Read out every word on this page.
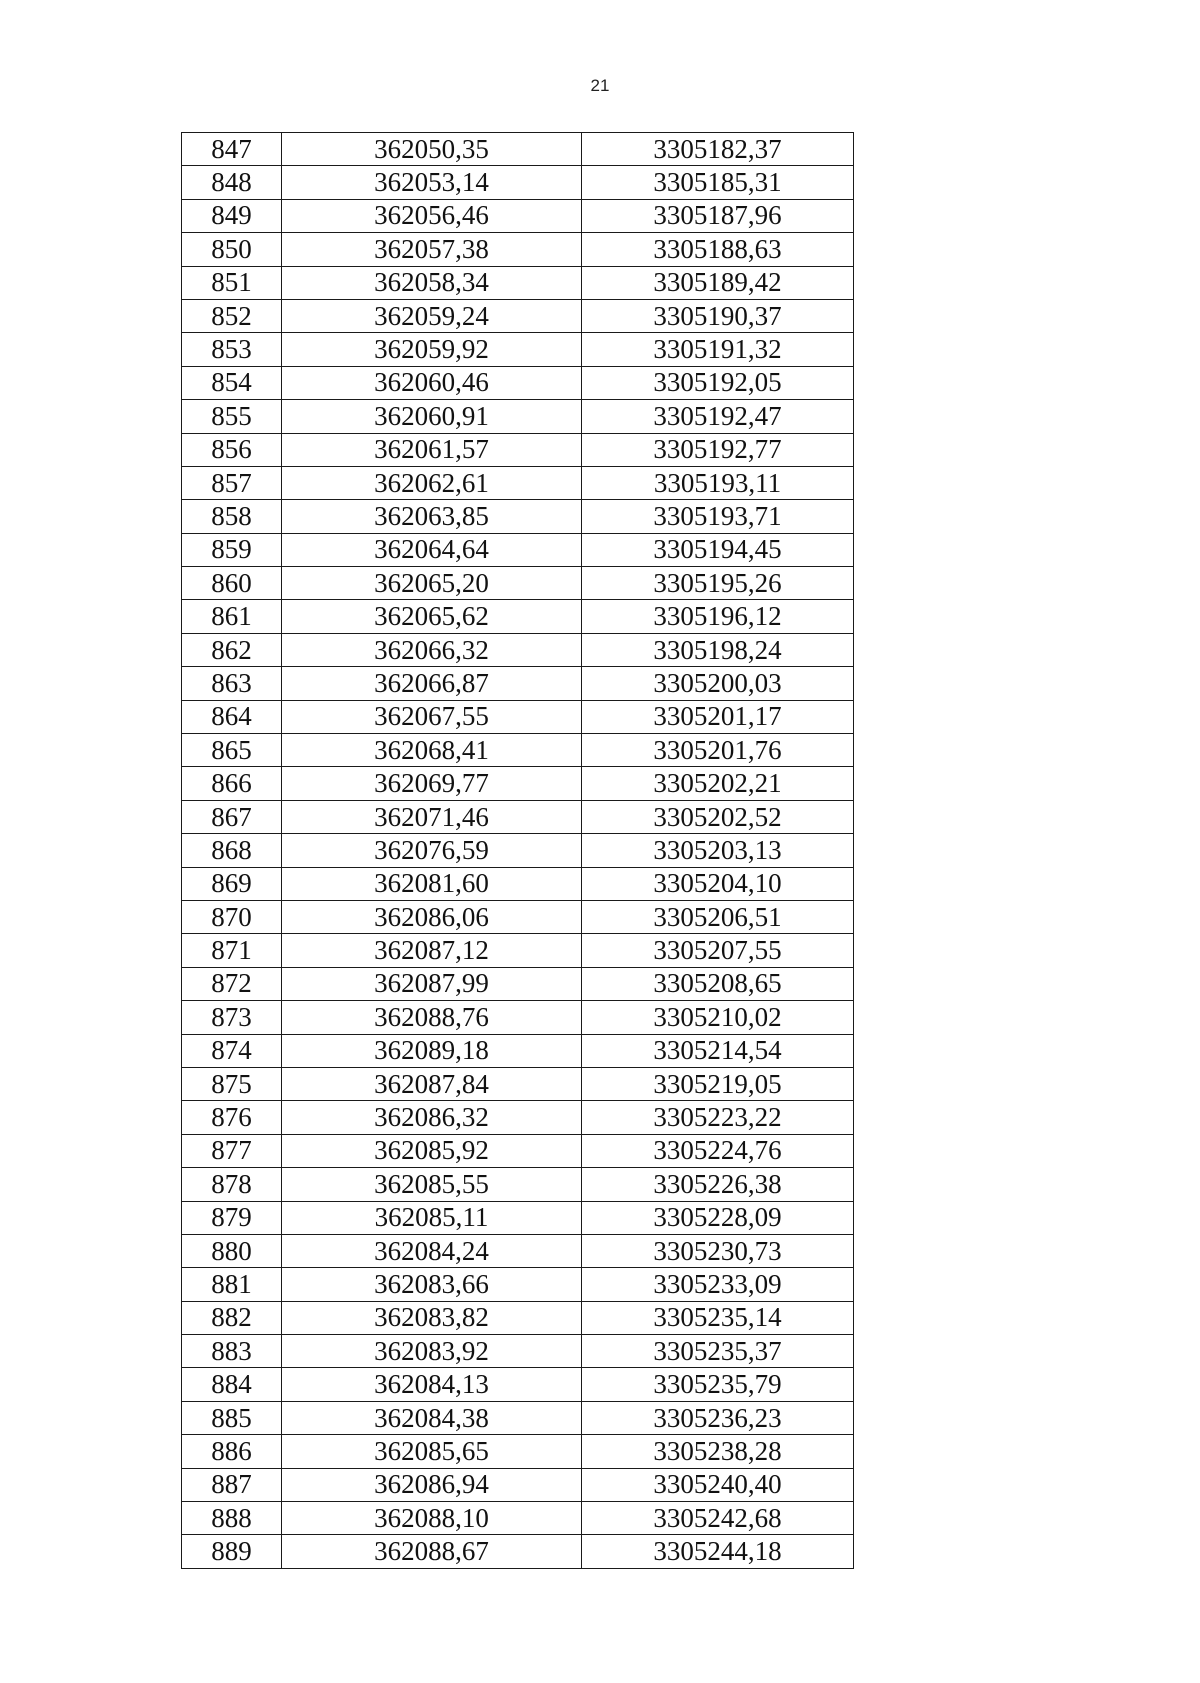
21
847	362050,35	3305182,37
848	362053,14	3305185,31
849	362056,46	3305187,96
850	362057,38	3305188,63
851	362058,34	3305189,42
852	362059,24	3305190,37
853	362059,92	3305191,32
854	362060,46	3305192,05
855	362060,91	3305192,47
856	362061,57	3305192,77
857	362062,61	3305193,11
858	362063,85	3305193,71
859	362064,64	3305194,45
860	362065,20	3305195,26
861	362065,62	3305196,12
862	362066,32	3305198,24
863	362066,87	3305200,03
864	362067,55	3305201,17
865	362068,41	3305201,76
866	362069,77	3305202,21
867	362071,46	3305202,52
868	362076,59	3305203,13
869	362081,60	3305204,10
870	362086,06	3305206,51
871	362087,12	3305207,55
872	362087,99	3305208,65
873	362088,76	3305210,02
874	362089,18	3305214,54
875	362087,84	3305219,05
876	362086,32	3305223,22
877	362085,92	3305224,76
878	362085,55	3305226,38
879	362085,11	3305228,09
880	362084,24	3305230,73
881	362083,66	3305233,09
882	362083,82	3305235,14
883	362083,92	3305235,37
884	362084,13	3305235,79
885	362084,38	3305236,23
886	362085,65	3305238,28
887	362086,94	3305240,40
888	362088,10	3305242,68
889	362088,67	3305244,18
